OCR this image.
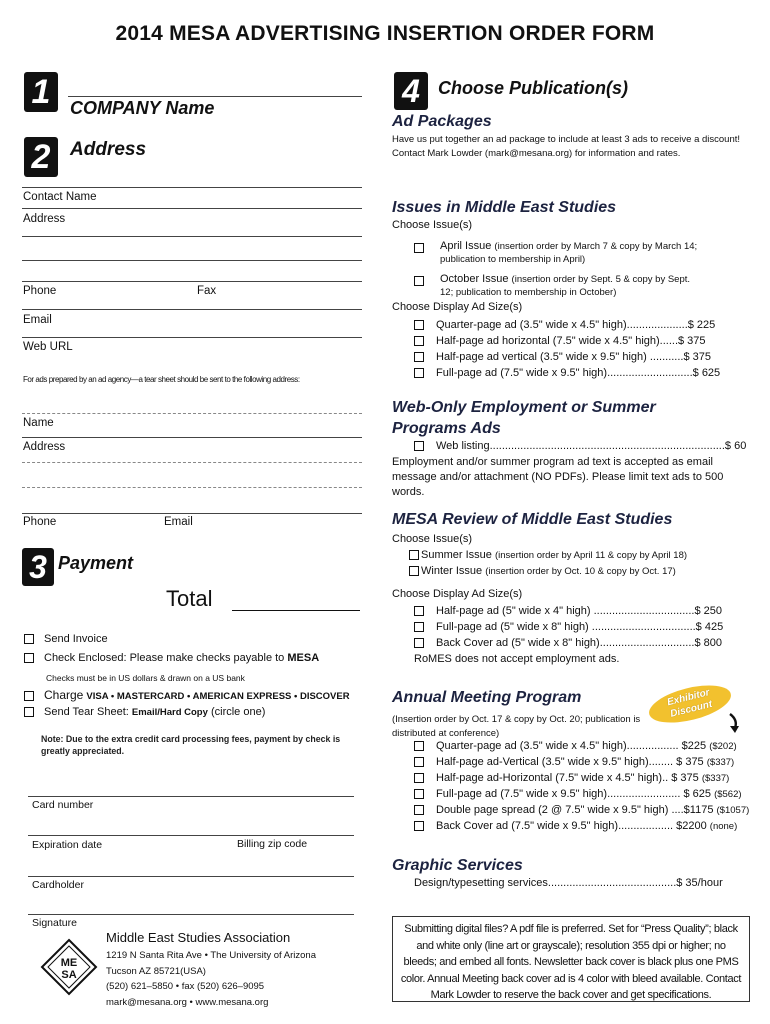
2014 MESA ADVERTISING INSERTION ORDER FORM
1	COMPANY Name
2	Address
Contact Name
Address
Phone	Fax
Email
Web URL
For ads prepared by an ad agency—a tear sheet should be sent to the following address:
Name
Address
Phone	Email
3 Payment
Total
Send Invoice
Check Enclosed: Please make checks payable to MESA
Checks must be in US dollars & drawn on a US bank
Charge VISA • MASTERCARD • AMERICAN EXPRESS • DISCOVER
Send Tear Sheet: Email/Hard Copy (circle one)
Note: Due to the extra credit card processing fees, payment by check is greatly appreciated.
Card number
Expiration date	Billing zip code
Cardholder
Signature
ME
SA
Middle East Studies Association
1219 N Santa Rita Ave • The University of Arizona
Tucson AZ 85721(USA)
(520) 621–5850 • fax (520) 626–9095
mark@mesana.org • www.mesana.org
4	Choose Publication(s)
Ad Packages
Have us put together an ad package to include at least 3 ads to receive a discount! Contact Mark Lowder (mark@mesana.org) for information and rates.
Issues in Middle East Studies
Choose Issue(s)
April Issue (insertion order by March 7 & copy by March 14;
publication to membership in April)
October Issue (insertion order by Sept. 5 & copy by Sept.
12; publication to membership in October)
Choose Display Ad Size(s)
Quarter-page ad (3.5" wide x 4.5" high)....................$ 225
Half-page ad horizontal (7.5" wide x 4.5" high)......$ 375
Half-page ad vertical (3.5" wide x 9.5" high) ...........$ 375
Full-page ad (7.5" wide x 9.5" high)............................$ 625
Web-Only Employment or Summer
Programs Ads
Web listing.............................................................................$ 60
Employment and/or summer program ad text is accepted as email message and/or attachment (NO PDFs). Please limit text ads to 500 words.
MESA Review of Middle East Studies
Choose Issue(s)
Summer Issue (insertion order by April 11 & copy by April 18)
Winter Issue (insertion order by Oct. 10 & copy by Oct. 17)
Choose Display Ad Size(s)
Half-page ad (5" wide x 4" high) .................................$ 250
Full-page ad (5" wide x 8" high) ..................................$ 425
Back Cover ad (5" wide x 8" high)...............................$ 800
RoMES does not accept employment ads.
Annual Meeting Program	Exhibitor Discount
(Insertion order by Oct. 17 & copy by Oct. 20; publication is distributed at conference)
Quarter-page ad (3.5" wide x 4.5" high)................. $225 ($202)
Half-page ad-Vertical (3.5" wide x 9.5" high)........ $ 375 ($337)
Half-page ad-Horizontal (7.5" wide x 4.5" high).. $ 375 ($337)
Full-page ad (7.5" wide x 9.5" high)........................ $ 625 ($562)
Double page spread (2 @ 7.5" wide x 9.5" high) ....$1175 ($1057)
Back Cover ad (7.5" wide x 9.5" high).................. $2200 (none)
Graphic Services
Design/typesetting services..........................................$ 35/hour
Submitting digital files? A pdf file is preferred. Set for “Press Quality”; black and white only (line art or grayscale); resolution 355 dpi or higher; no bleeds; and embed all fonts. Newsletter back cover is black plus one PMS color. Annual Meeting back cover ad is 4 color with bleed available. Contact Mark Lowder to reserve the back cover and get specifications.
